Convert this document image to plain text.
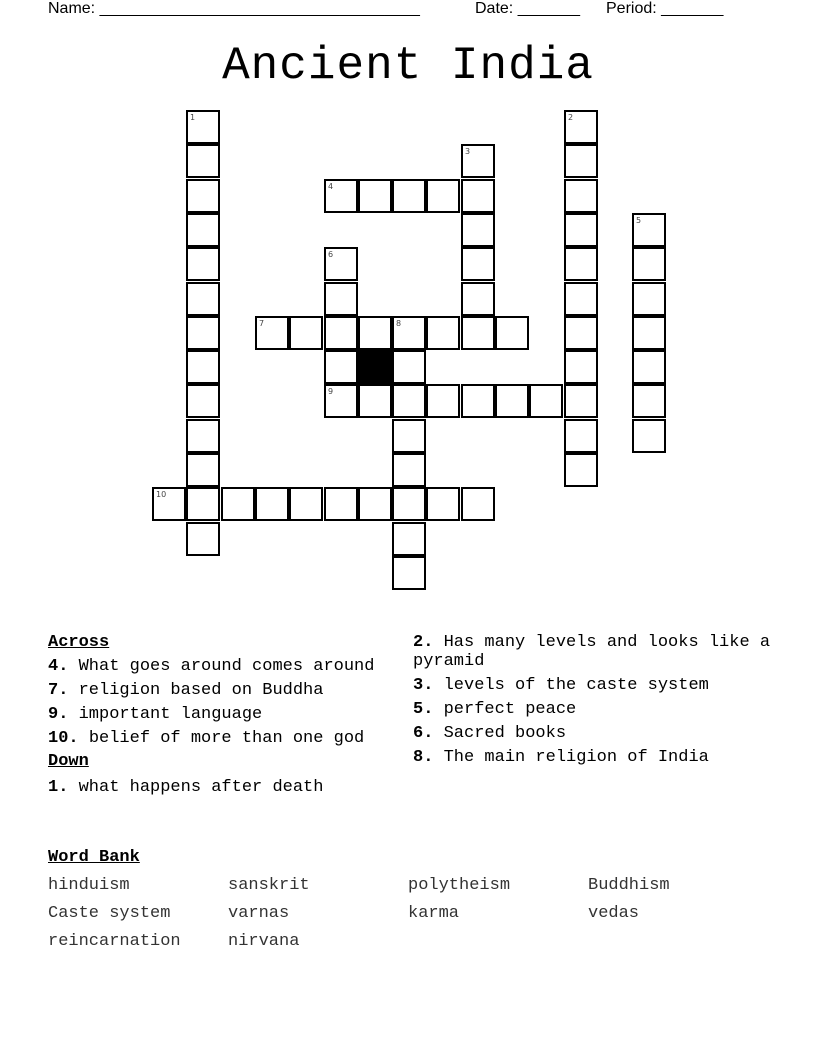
Name: ____________________________________	Date: _______ Period: _______
Ancient India
1	2
3
4
5
6
9
7	8
10
Across
4. What goes around comes around
7. religion based on Buddha
9. important language
10. belief of more than one god
Down
1. what happens after death
2. Has many levels and looks like a pyramid
3. levels of the caste system
5. perfect peace
6. Sacred books
8. The main religion of India
Word Bank
hinduism	sanskrit	polytheism	Buddhism
Caste system	varnas	karma	vedas
reincarnation	nirvana
